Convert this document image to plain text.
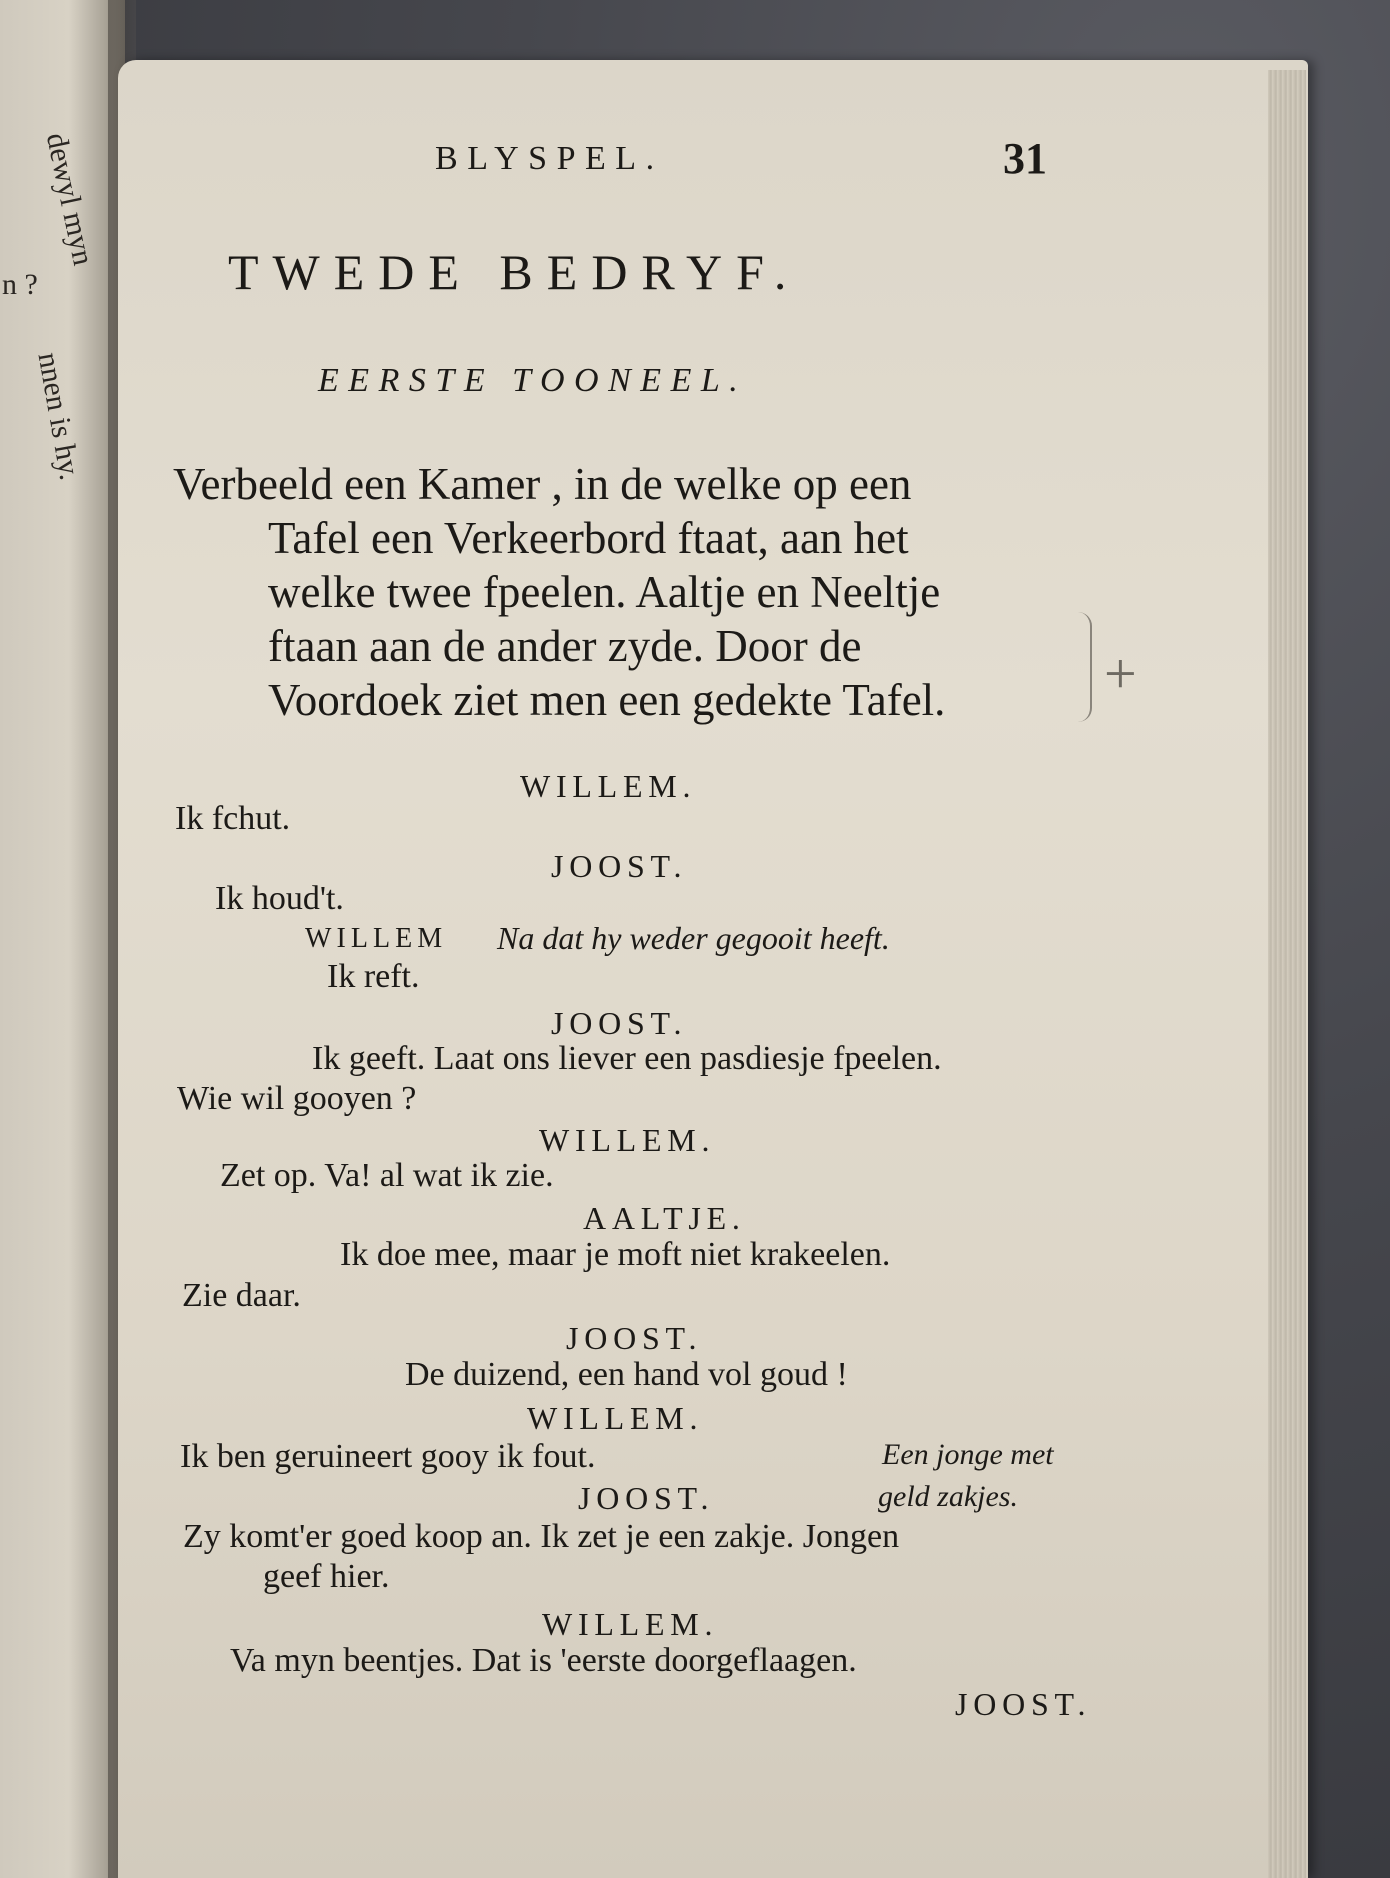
dewyl myn
n ?
nnen is hy.
BLYSPEL.	31
TWEDE BEDRYF.
EERSTE TOONEEL.
Verbeeld een Kamer , in de welke op een
Tafel een Verkeerbord ftaat, aan het
welke twee fpeelen. Aaltje en Neeltje
ftaan aan de ander zyde. Door de
Voordoek ziet men een gedekte Tafel.	+
WILLEM.
Ik fchut.
JOOST.
Ik houd't.
WILLEM Na dat hy weder gegooit heeft.
Ik reft.
JOOST.
Ik geeft. Laat ons liever een pasdiesje fpeelen.
Wie wil gooyen ?
WILLEM.
Zet op. Va! al wat ik zie.
AALTJE.
Ik doe mee, maar je moft niet krakeelen.
Zie daar.
JOOST.
De duizend, een hand vol goud !
WILLEM.
Ik ben geruineert gooy ik fout.	Een jonge met
JOOST.	geld zakjes.
Zy komt'er goed koop an. Ik zet je een zakje. Jongen
geef hier.
WILLEM.
Va myn beentjes. Dat is 'eerste doorgeflaagen.
JOOST.
